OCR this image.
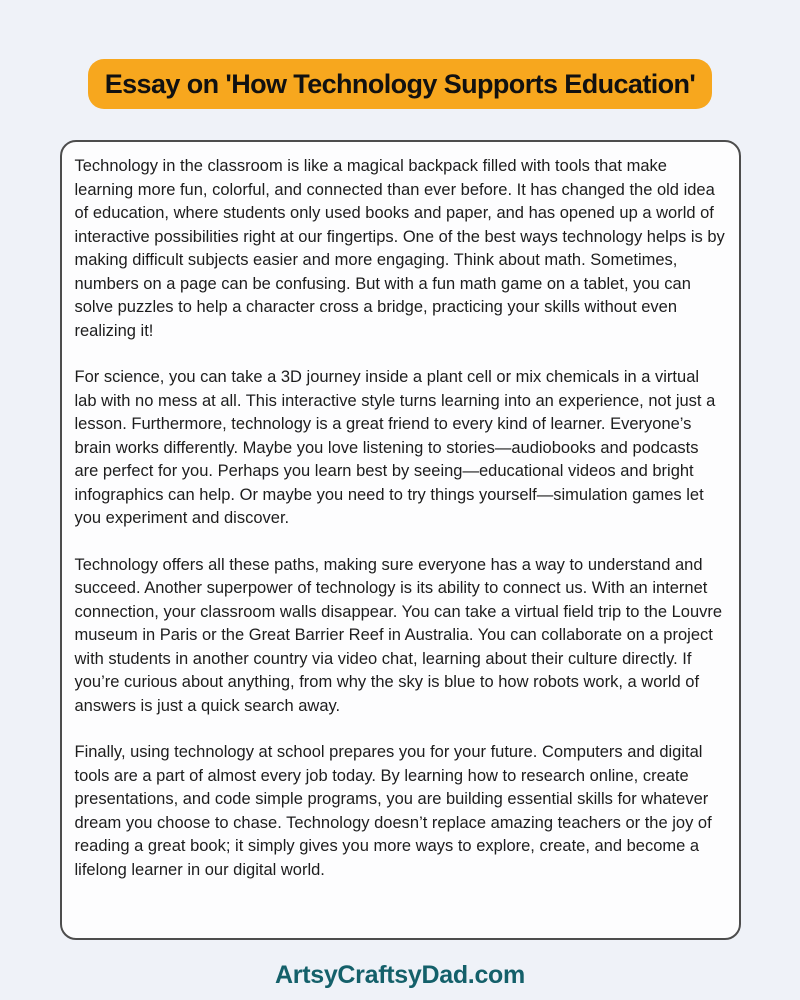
Essay on 'How Technology Supports Education'

Technology in the classroom is like a magical backpack filled with tools that make learning more fun, colorful, and connected than ever before. It has changed the old idea of education, where students only used books and paper, and has opened up a world of interactive possibilities right at our fingertips. One of the best ways technology helps is by making difficult subjects easier and more engaging. Think about math. Sometimes, numbers on a page can be confusing. But with a fun math game on a tablet, you can solve puzzles to help a character cross a bridge, practicing your skills without even realizing it!

For science, you can take a 3D journey inside a plant cell or mix chemicals in a virtual lab with no mess at all. This interactive style turns learning into an experience, not just a lesson. Furthermore, technology is a great friend to every kind of learner. Everyone’s brain works differently. Maybe you love listening to stories—audiobooks and podcasts are perfect for you. Perhaps you learn best by seeing—educational videos and bright infographics can help. Or maybe you need to try things yourself—simulation games let you experiment and discover.

Technology offers all these paths, making sure everyone has a way to understand and succeed. Another superpower of technology is its ability to connect us. With an internet connection, your classroom walls disappear. You can take a virtual field trip to the Louvre museum in Paris or the Great Barrier Reef in Australia. You can collaborate on a project with students in another country via video chat, learning about their culture directly. If you’re curious about anything, from why the sky is blue to how robots work, a world of answers is just a quick search away.

Finally, using technology at school prepares you for your future. Computers and digital tools are a part of almost every job today. By learning how to research online, create presentations, and code simple programs, you are building essential skills for whatever dream you choose to chase. Technology doesn’t replace amazing teachers or the joy of reading a great book; it simply gives you more ways to explore, create, and become a lifelong learner in our digital world.

ArtsyCraftsyDad.com
